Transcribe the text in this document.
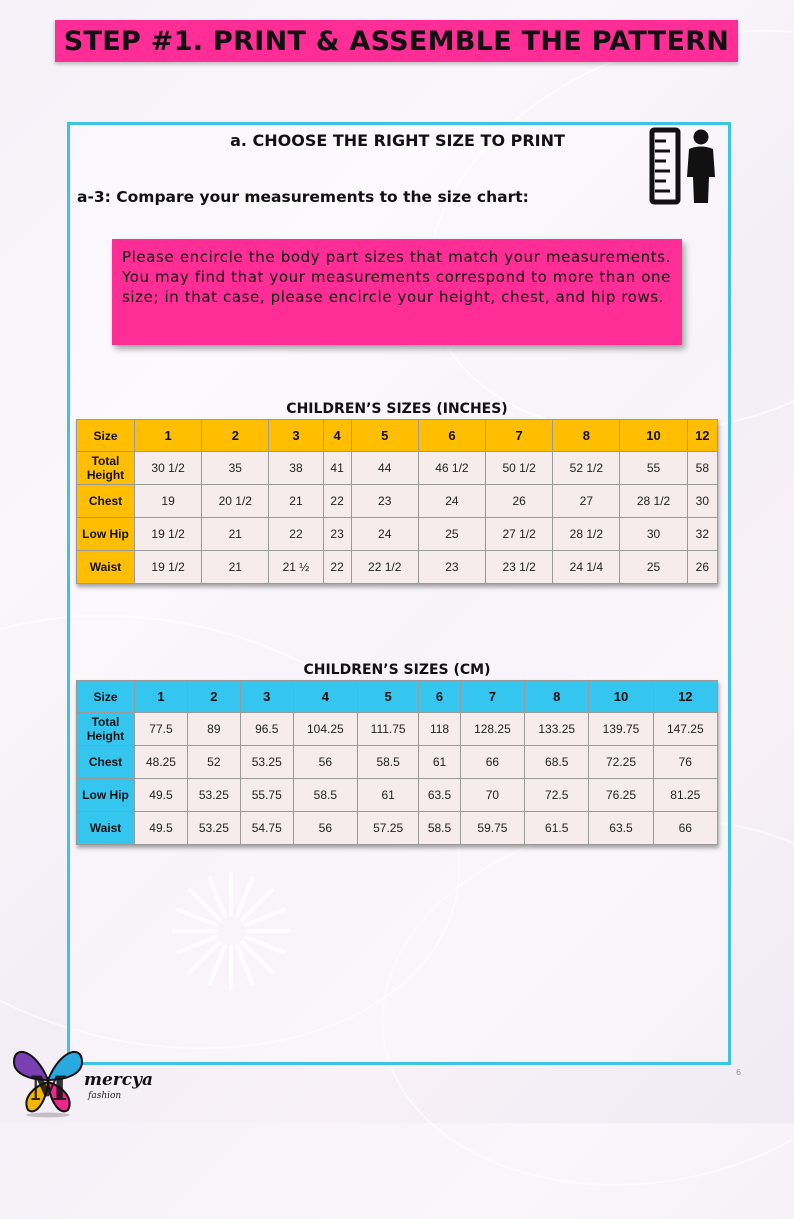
STEP #1. PRINT & ASSEMBLE THE PATTERN
a. CHOOSE THE RIGHT SIZE TO PRINT
a-3: Compare your measurements to the size chart:

Please encircle the body part sizes that match your measurements. You may find that your measurements correspond to more than one size; in that case, please encircle your height, chest, and hip rows.

CHILDREN’S SIZES (INCHES)
Size	1	2	3	4	5	6	7	8	10	12
Total Height	30 1/2	35	38	41	44	46 1/2	50 1/2	52 1/2	55	58
Chest	19	20 1/2	21	22	23	24	26	27	28 1/2	30
Low Hip	19 1/2	21	22	23	24	25	27 1/2	28 1/2	30	32
Waist	19 1/2	21	21 ½	22	22 1/2	23	23 1/2	24 1/4	25	26
CHILDREN’S SIZES (CM)
Size	1	2	3	4	5	6	7	8	10	12
Total Height	77.5	89	96.5	104.25	111.75	118	128.25	133.25	139.75	147.25
Chest	48.25	52	53.25	56	58.5	61	66	68.5	72.25	76
Low Hip	49.5	53.25	55.75	58.5	61	63.5	70	72.5	76.25	81.25
Waist	49.5	53.25	54.75	56	57.25	58.5	59.75	61.5	63.5	66
M mercya
fashion
6
